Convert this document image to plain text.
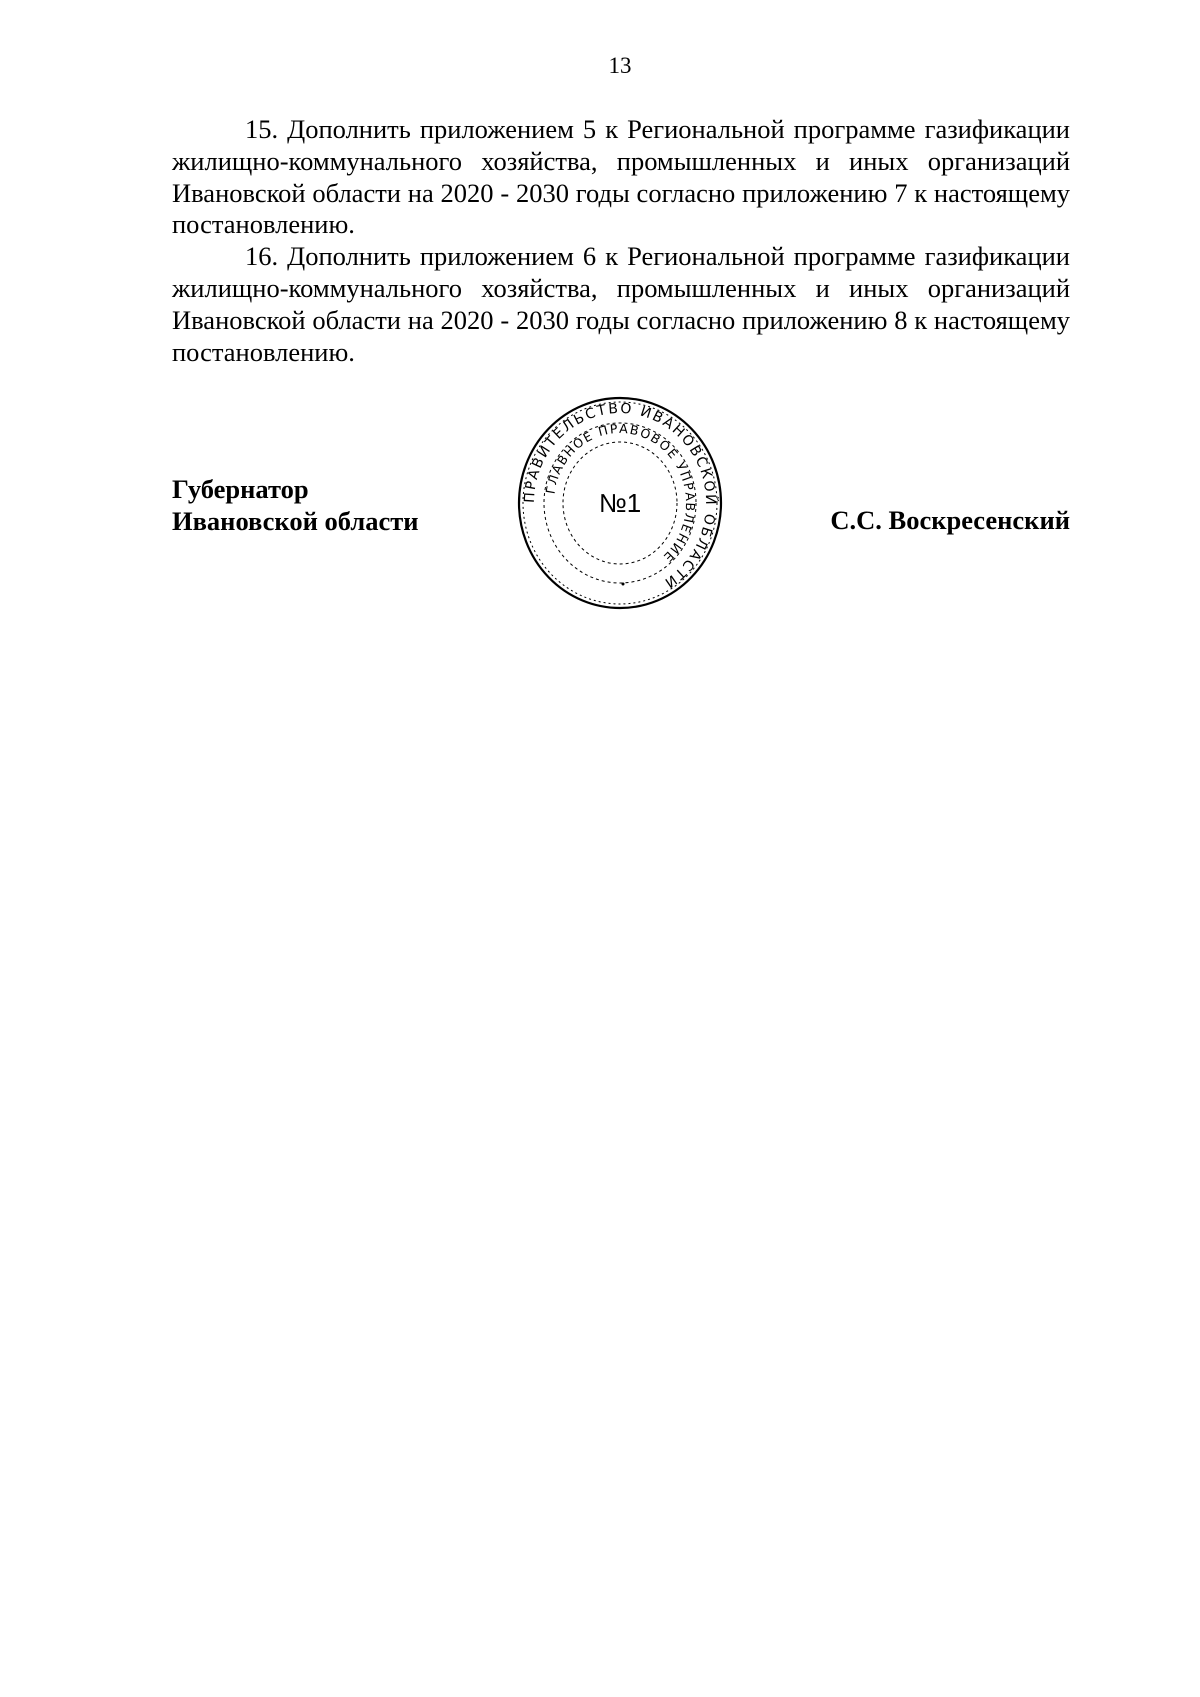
13

15. Дополнить приложением 5 к Региональной программе газификации жилищно-коммунального хозяйства, промышленных и иных организаций Ивановской области на 2020 - 2030 годы согласно приложению 7 к настоящему постановлению.

16. Дополнить приложением 6 к Региональной программе газификации жилищно-коммунального хозяйства, промышленных и иных организаций Ивановской области на 2020 - 2030 годы согласно приложению 8 к настоящему постановлению.

Губернатор
Ивановской области
ПРАВИТЕЛЬСТВО ИВАНОВСКОЙ ОБЛАСТИ
ГЛАВНОЕ ПРАВОВОЕ УПРАВЛЕНИЕ
№1
С.С. Воскресенский
